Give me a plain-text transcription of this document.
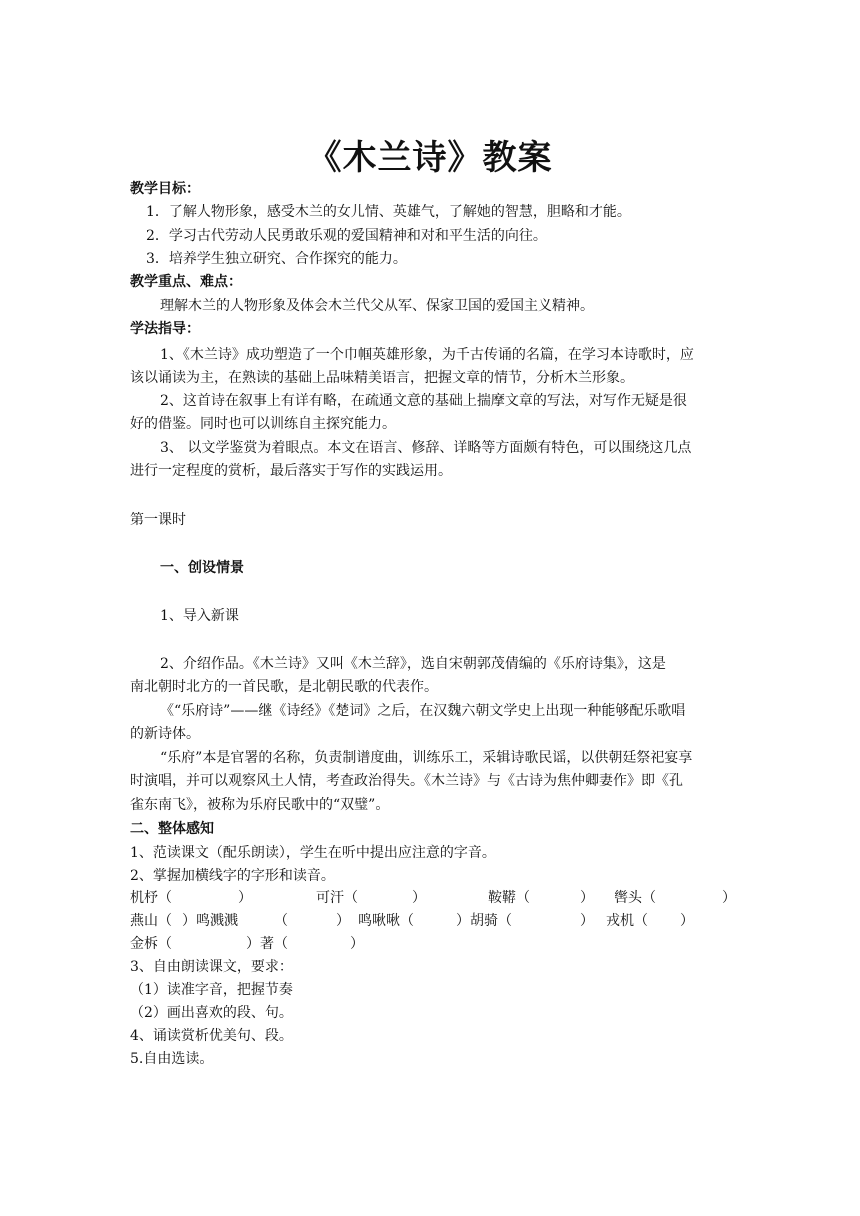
《木兰诗》教案
教学目标：
1．了解人物形象，感受木兰的女儿情、英雄气，了解她的智慧，胆略和才能。
2．学习古代劳动人民勇敢乐观的爱国精神和对和平生活的向往。
3．培养学生独立研究、合作探究的能力。
教学重点、难点：
理解木兰的人物形象及体会木兰代父从军、保家卫国的爱国主义精神。
学法指导：
1、《木兰诗》成功塑造了一个巾帼英雄形象，为千古传诵的名篇，在学习本诗歌时，应
该以诵读为主，在熟读的基础上品味精美语言，把握文章的情节，分析木兰形象。
2、这首诗在叙事上有详有略，在疏通文意的基础上揣摩文章的写法，对写作无疑是很
好的借鉴。同时也可以训练自主探究能力。
3、 以文学鉴赏为着眼点。本文在语言、修辞、详略等方面颇有特色，可以围绕这几点
进行一定程度的赏析，最后落实于写作的实践运用。
第一课时
一、创设情景
1、导入新课
2、介绍作品。《木兰诗》又叫《木兰辞》，选自宋朝郭茂倩编的《乐府诗集》，这是
南北朝时北方的一首民歌，是北朝民歌的代表作。
《“乐府诗”——继《诗经》《楚词》之后，在汉魏六朝文学史上出现一种能够配乐歌唱
的新诗体。
“乐府”本是官署的名称，负责制谱度曲，训练乐工，采辑诗歌民谣，以供朝廷祭祀宴享
时演唱，并可以观察风土人情，考查政治得失。《木兰诗》与《古诗为焦仲卿妻作》即《孔
雀东南飞》，被称为乐府民歌中的“双璧”。
二、整体感知
1、范读课文（配乐朗读），学生在听中提出应注意的字音。
2、掌握加横线字的字形和读音。
机杼（	）	可汗（	）	鞍鞯（	） 辔头（	）
燕山（ ）鸣溅溅	（	） 鸣啾啾（	）胡骑（	） 戎机（ ）
金柝（	） 著（	）
3、自由朗读课文，要求：
（1）读准字音，把握节奏
（2）画出喜欢的段、句。
4、诵读赏析优美句、段。
5.自由选读。
